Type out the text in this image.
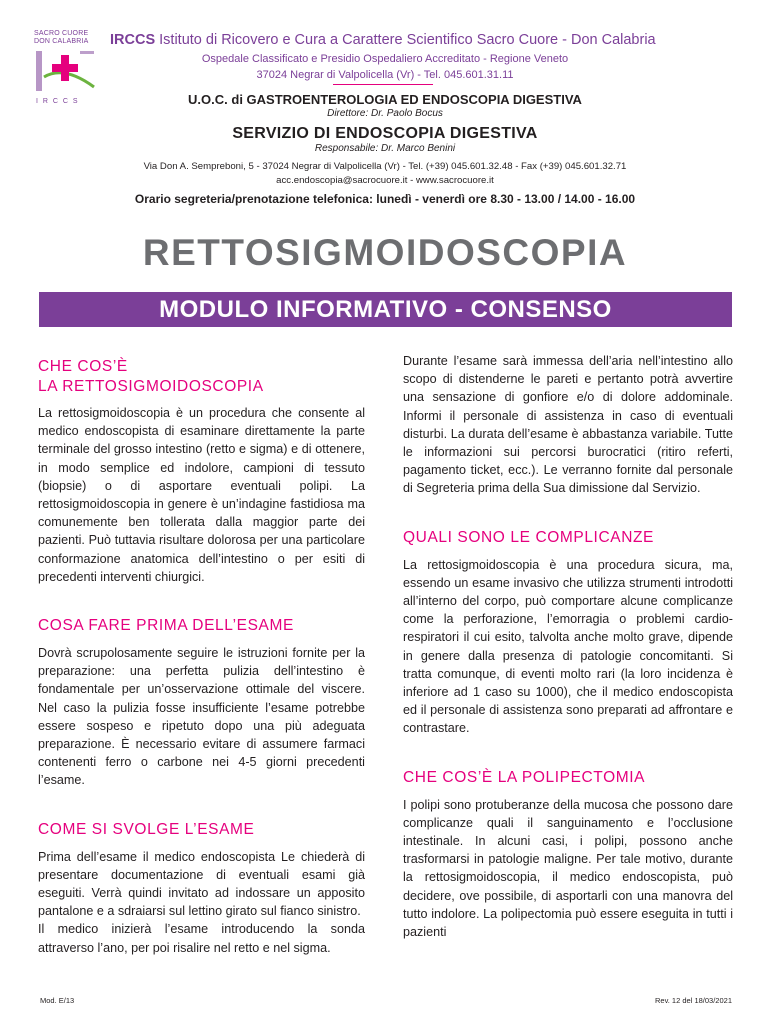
SACRO CUORE
DON CALABRIA
I R C C S
IRCCS Istituto di Ricovero e Cura a Carattere Scientifico Sacro Cuore - Don Calabria
Ospedale Classificato e Presidio Ospedaliero Accreditato - Regione Veneto
37024 Negrar di Valpolicella (Vr) - Tel. 045.601.31.11
U.O.C. di GASTROENTEROLOGIA ED ENDOSCOPIA DIGESTIVA
Direttore: Dr. Paolo Bocus
SERVIZIO DI ENDOSCOPIA DIGESTIVA
Responsabile: Dr. Marco Benini
Via Don A. Sempreboni, 5 - 37024 Negrar di Valpolicella (Vr) - Tel. (+39) 045.601.32.48 - Fax (+39) 045.601.32.71
acc.endoscopia@sacrocuore.it - www.sacrocuore.it
Orario segreteria/prenotazione telefonica: lunedì - venerdì ore 8.30 - 13.00 / 14.00 - 16.00
RETTOSIGMOIDOSCOPIA
MODULO INFORMATIVO - CONSENSO
CHE COS’È
LA RETTOSIGMOIDOSCOPIA
La rettosigmoidoscopia è un procedura che consente al medico endoscopista di esaminare direttamente la parte terminale del grosso intestino (retto e sigma) e di ottenere, in modo semplice ed indolore, campioni di tessuto (biopsie) o di asportare eventuali polipi. La rettosigmoidoscopia in genere è un’indagine fastidiosa ma comunemente ben tollerata dalla maggior parte dei pazienti. Può tuttavia risultare dolorosa per una particolare conformazione anatomica dell’intestino o per esiti di precedenti interventi chiurgici.
COSA FARE PRIMA DELL’ESAME
Dovrà scrupolosamente seguire le istruzioni fornite per la preparazione: una perfetta pulizia dell’intestino è fondamentale per un’osservazione ottimale del viscere. Nel caso la pulizia fosse insufficiente l’esame potrebbe essere sospeso e ripetuto dopo una più adeguata preparazione. È necessario evitare di assumere farmaci contenenti ferro o carbone nei 4-5 giorni precedenti l’esame.
COME SI SVOLGE L’ESAME
Prima dell’esame il medico endoscopista Le chiederà di presentare documentazione di eventuali esami già eseguiti. Verrà quindi invitato ad indossare un apposito pantalone e a sdraiarsi sul lettino girato sul fianco sinistro.
Il medico inizierà l’esame introducendo la sonda attraverso l’ano, per poi risalire nel retto e nel sigma.
Durante l’esame sarà immessa dell’aria nell’intestino allo scopo di distenderne le pareti e pertanto potrà avvertire una sensazione di gonfiore e/o di dolore addominale. Informi il personale di assistenza in caso di eventuali disturbi. La durata dell’esame è abbastanza variabile. Tutte le informazioni sui percorsi burocratici (ritiro referti, pagamento ticket, ecc.). Le verranno fornite dal personale di Segreteria prima della Sua dimissione dal Servizio.
QUALI SONO LE COMPLICANZE
La rettosigmoidoscopia è una procedura sicura, ma, essendo un esame invasivo che utilizza strumenti introdotti all’interno del corpo, può comportare alcune complicanze come la perforazione, l’emorragia o problemi cardio-respiratori il cui esito, talvolta anche molto grave, dipende in genere dalla presenza di patologie concomitanti. Si tratta comunque, di eventi molto rari (la loro incidenza è inferiore ad 1 caso su 1000), che il medico endoscopista ed il personale di assistenza sono preparati ad affrontare e contrastare.
CHE COS’È LA POLIPECTOMIA
I polipi sono protuberanze della mucosa che possono dare complicanze quali il sanguinamento e l’occlusione intestinale. In alcuni casi, i polipi, possono anche trasformarsi in patologie maligne. Per tale motivo, durante la rettosigmoidoscopia, il medico endoscopista, può decidere, ove possibile, di asportarli con una manovra del tutto indolore. La polipectomia può essere eseguita in tutti i pazienti
Mod. E/13	Rev. 12 del 18/03/2021
